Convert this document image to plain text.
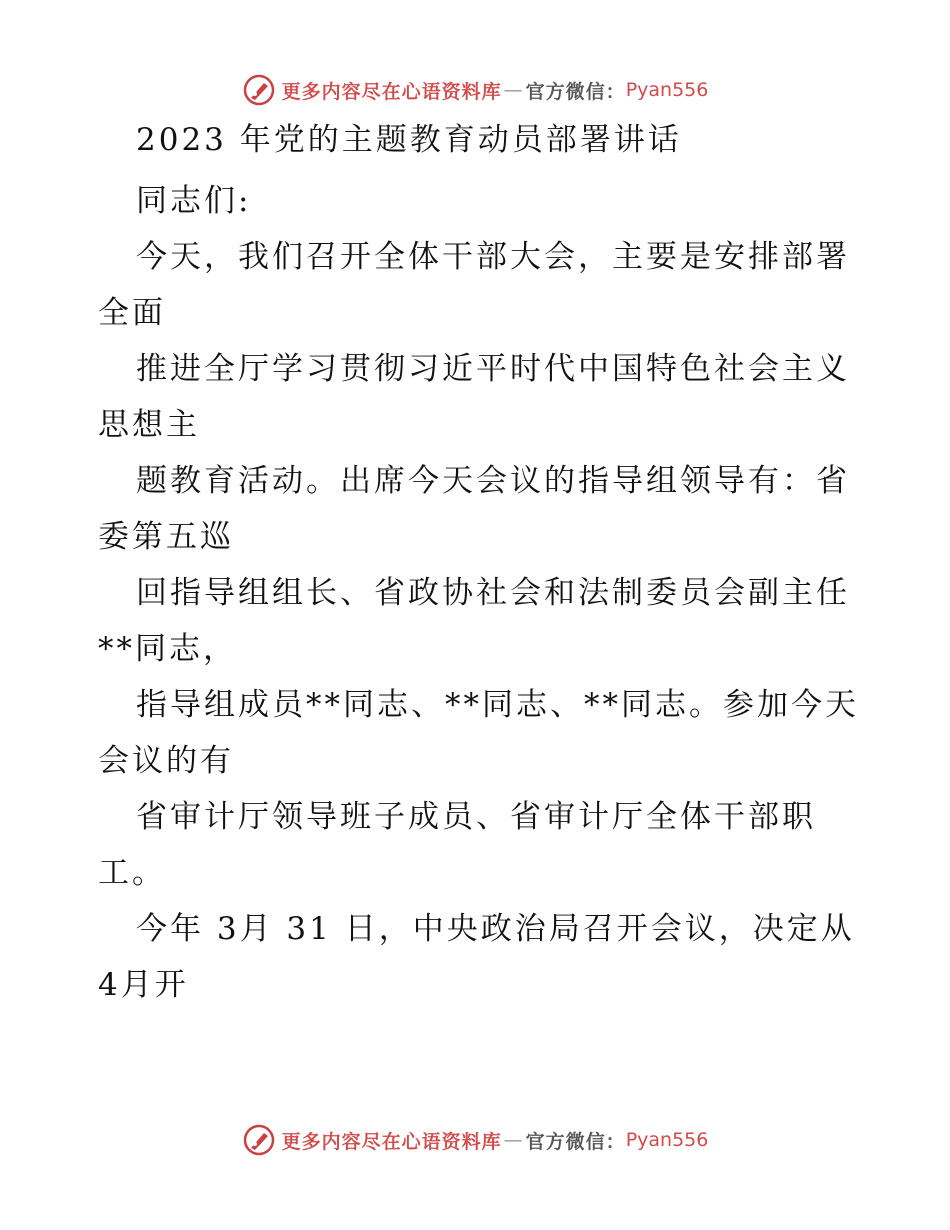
更多内容尽在心语资料库 — 官方微信： Pyan556

2023 年党的主题教育动员部署讲话

同志们:

今天，我们召开全体干部大会，主要是安排部署

全面

推进全厅学习贯彻习近平时代中国特色社会主义

思想主

题教育活动。出席今天会议的指导组领导有：省

委第五巡

回指导组组长、省政协社会和法制委员会副主任

**同志，

指导组成员**同志、**同志、**同志。参加今天

会议的有

省审计厅领导班子成员、省审计厅全体干部职

工。

今年 3月 31 日，中央政治局召开会议，决定从

4月开

更多内容尽在心语资料库 — 官方微信： Pyan556
